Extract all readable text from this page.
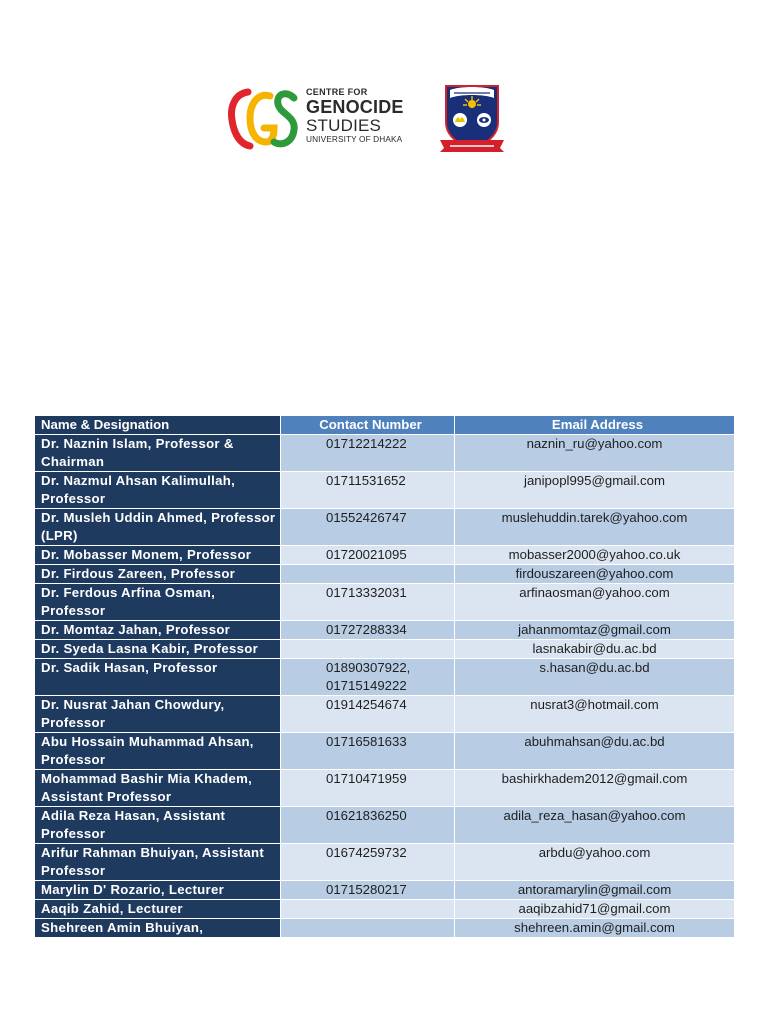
CENTRE FOR
GENOCIDE
STUDIES
UNIVERSITY OF DHAKA
Name & Designation	Contact Number	Email Address
Dr. Naznin Islam, Professor & Chairman	01712214222	naznin_ru@yahoo.com
Dr. Nazmul Ahsan Kalimullah, Professor	01711531652	janipopl995@gmail.com
Dr. Musleh Uddin Ahmed, Professor (LPR)	01552426747	muslehuddin.tarek@yahoo.com
Dr. Mobasser Monem, Professor	01720021095	mobasser2000@yahoo.co.uk
Dr. Firdous Zareen, Professor		firdouszareen@yahoo.com
Dr. Ferdous Arfina Osman, Professor	01713332031	arfinaosman@yahoo.com
Dr. Momtaz Jahan, Professor	01727288334	jahanmomtaz@gmail.com
Dr. Syeda Lasna Kabir, Professor		lasnakabir@du.ac.bd
Dr. Sadik Hasan, Professor	01890307922, 01715149222	s.hasan@du.ac.bd
Dr. Nusrat Jahan Chowdury, Professor	01914254674	nusrat3@hotmail.com
Abu Hossain Muhammad Ahsan, Professor	01716581633	abuhmahsan@du.ac.bd
Mohammad Bashir Mia Khadem, Assistant Professor	01710471959	bashirkhadem2012@gmail.com
Adila Reza Hasan, Assistant Professor	01621836250	adila_reza_hasan@yahoo.com
Arifur Rahman Bhuiyan, Assistant Professor	01674259732	arbdu@yahoo.com
Marylin D' Rozario, Lecturer	01715280217	antoramarylin@gmail.com
Aaqib Zahid, Lecturer		aaqibzahid71@gmail.com
Shehreen Amin Bhuiyan,		shehreen.amin@gmail.com
